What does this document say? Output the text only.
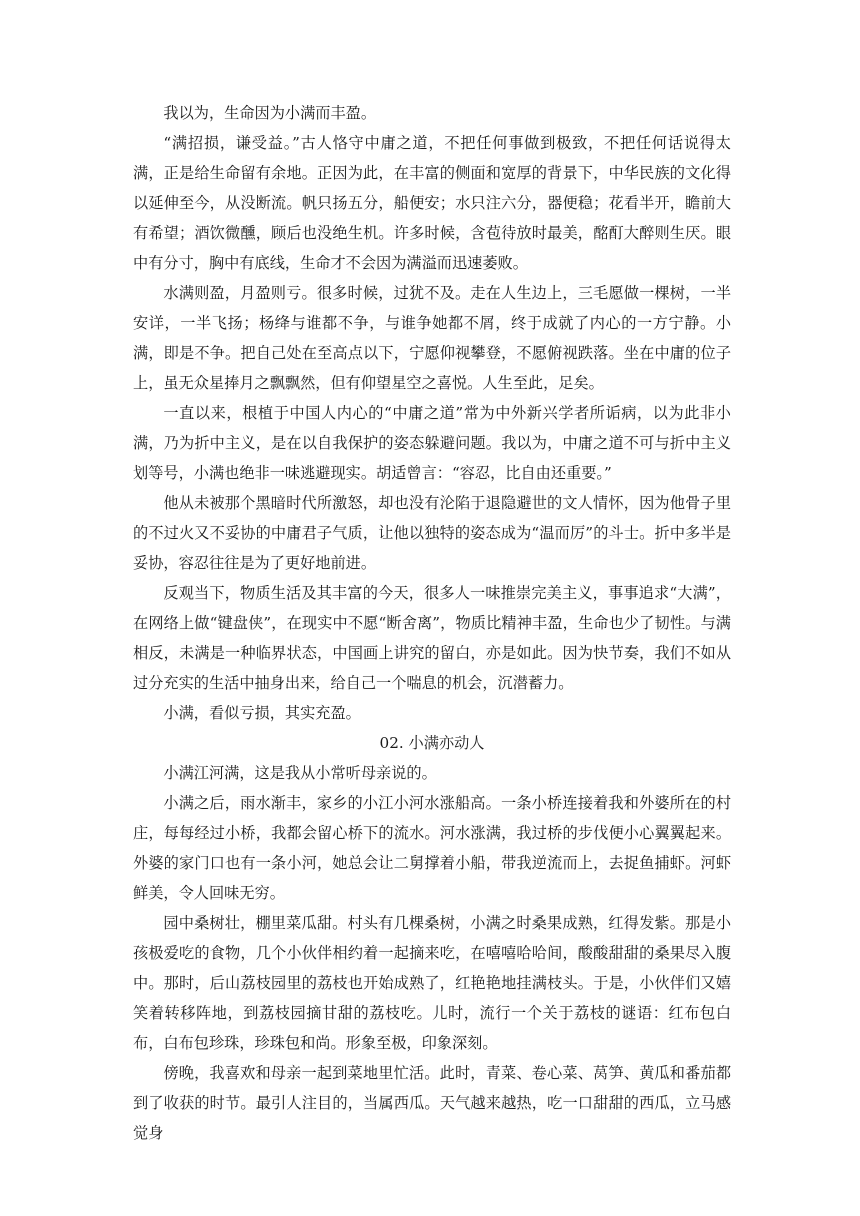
我以为，生命因为小满而丰盈。

“满招损，谦受益。”古人恪守中庸之道，不把任何事做到极致，不把任何话说得太满，正是给生命留有余地。正因为此，在丰富的侧面和宽厚的背景下，中华民族的文化得以延伸至今，从没断流。帆只扬五分，船便安；水只注六分，器便稳；花看半开，瞻前大有希望；酒饮微醺，顾后也没绝生机。许多时候，含苞待放时最美，酩酊大醉则生厌。眼中有分寸，胸中有底线，生命才不会因为满溢而迅速萎败。

水满则盈，月盈则亏。很多时候，过犹不及。走在人生边上，三毛愿做一棵树，一半安详，一半飞扬；杨绛与谁都不争，与谁争她都不屑，终于成就了内心的一方宁静。小满，即是不争。把自己处在至高点以下，宁愿仰视攀登，不愿俯视跌落。坐在中庸的位子上，虽无众星捧月之飘飘然，但有仰望星空之喜悦。人生至此，足矣。

一直以来，根植于中国人内心的“中庸之道”常为中外新兴学者所诟病，以为此非小满，乃为折中主义，是在以自我保护的姿态躲避问题。我以为，中庸之道不可与折中主义划等号，小满也绝非一味逃避现实。胡适曾言：“容忍，比自由还重要。”

他从未被那个黑暗时代所激怒，却也没有沦陷于退隐避世的文人情怀，因为他骨子里的不过火又不妥协的中庸君子气质，让他以独特的姿态成为“温而厉”的斗士。折中多半是妥协，容忍往往是为了更好地前进。

反观当下，物质生活及其丰富的今天，很多人一味推崇完美主义，事事追求“大满”，在网络上做“键盘侠”，在现实中不愿“断舍离”，物质比精神丰盈，生命也少了韧性。与满相反，未满是一种临界状态，中国画上讲究的留白，亦是如此。因为快节奏，我们不如从过分充实的生活中抽身出来，给自己一个喘息的机会，沉潜蓄力。

小满，看似亏损，其实充盈。

02. 小满亦动人

小满江河满，这是我从小常听母亲说的。

小满之后，雨水渐丰，家乡的小江小河水涨船高。一条小桥连接着我和外婆所在的村庄，每每经过小桥，我都会留心桥下的流水。河水涨满，我过桥的步伐便小心翼翼起来。外婆的家门口也有一条小河，她总会让二舅撑着小船，带我逆流而上，去捉鱼捕虾。河虾鲜美，令人回味无穷。

园中桑树壮，棚里菜瓜甜。村头有几棵桑树，小满之时桑果成熟，红得发紫。那是小孩极爱吃的食物，几个小伙伴相约着一起摘来吃，在嘻嘻哈哈间，酸酸甜甜的桑果尽入腹中。那时，后山荔枝园里的荔枝也开始成熟了，红艳艳地挂满枝头。于是，小伙伴们又嬉笑着转移阵地，到荔枝园摘甘甜的荔枝吃。儿时，流行一个关于荔枝的谜语：红布包白布，白布包珍珠，珍珠包和尚。形象至极，印象深刻。

傍晚，我喜欢和母亲一起到菜地里忙活。此时，青菜、卷心菜、莴笋、黄瓜和番茄都到了收获的时节。最引人注目的，当属西瓜。天气越来越热，吃一口甜甜的西瓜，立马感觉身
